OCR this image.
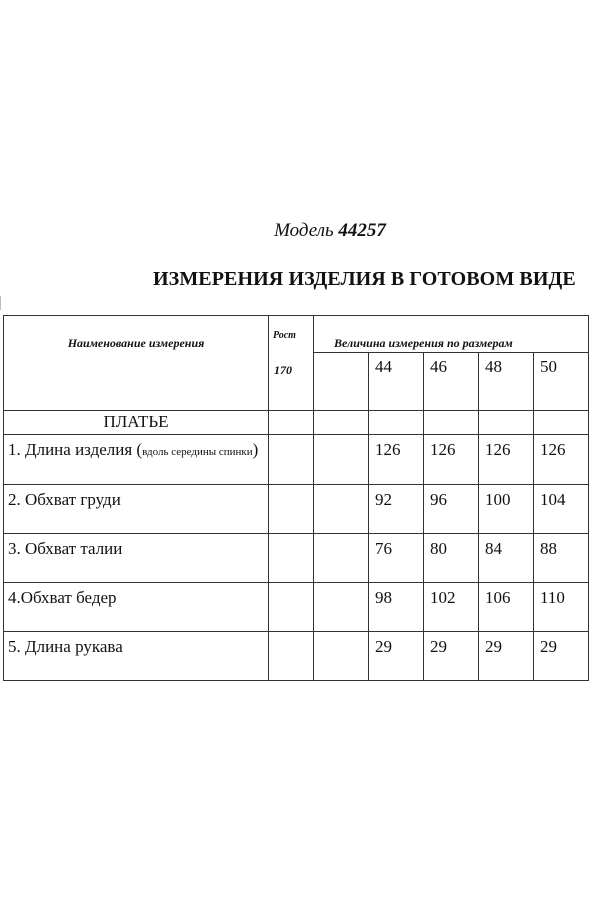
Модель 44257
ИЗМЕРЕНИЯ ИЗДЕЛИЯ В ГОТОВОМ ВИДЕ
Наименование измерения	Рост
170	Величина измерения по размерам				
			44	46	48	50
ПЛАТЬЕ						
1. Длина изделия (вдоль середины спинки)			126	126	126	126
2. Обхват груди			92	96	100	104
3. Обхват талии			76	80	84	88
4.Обхват бедер			98	102	106	110
5. Длина рукава			29	29	29	29
